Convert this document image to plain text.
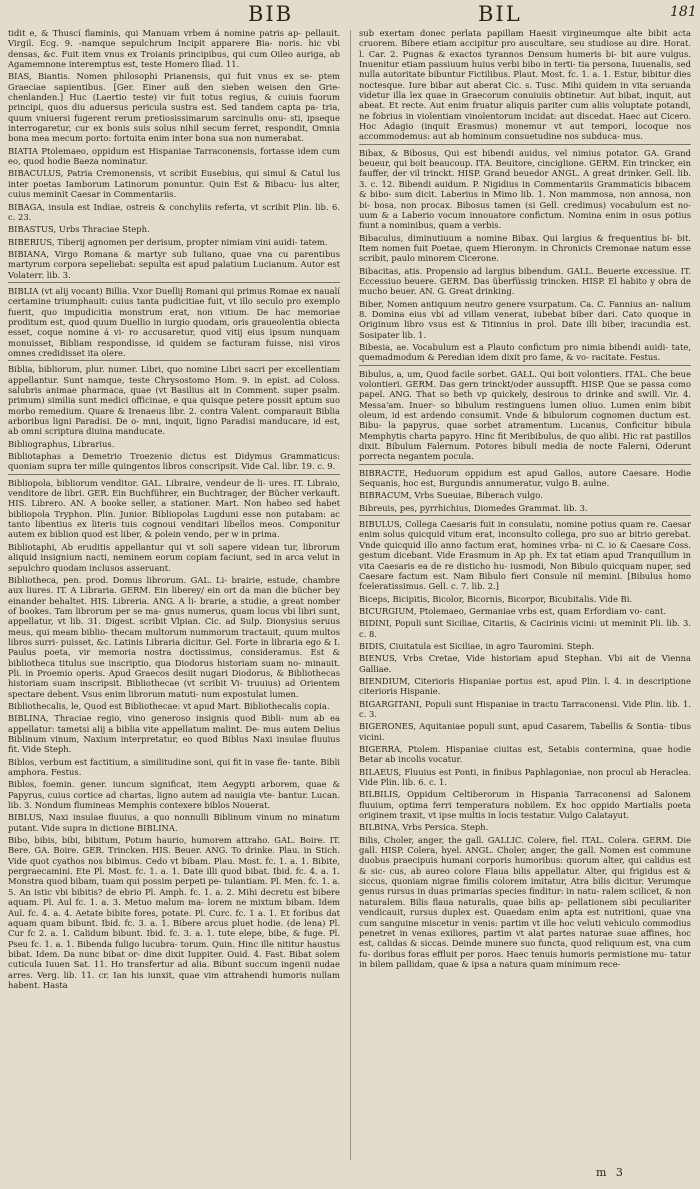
BIB	BIL	181

tidit e, & Thuscí flaminis, qui Manuam vrbem á nomine patris ap- pellauit. Virgil. Ecg. 9. -namque sepulchrum Incipit apparere Bia- noris. hic vbi densas, &c. Fuit item vnus ex Troianis principibus, qui cum Oileo auriga, ab Agamemnone interemptus est, teste Homero Iliad. 11.

BIAS, Biantis. Nomen philosophi Prianensis, qui fuit vnus ex se- ptem Graeciae sapientibus. [Ger. Einer auß den sieben weisen den Grie- chenlanden.] Huc (Laertio teste) vir fuit totus regius, & cuiuis fuorum principi, quos diu aduersus pericula sustra est. Sed tandem capta pa- tria, quum vniuersi fugerent rerum pretiosissimarum sarcinulis onu- sti, ipseque interrogaretur, cur ex bonis suis solus nihil secum ferret, respondit, Omnia bona mea mecum porto: fortuita enim inter bona sua non numerabat.

BIATIA Ptolemaeo, oppidum est Hispaniae Tarraconensis, fortasse idem cum eo, quod hodie Baeza nominatur.

BIBACULUS, Patria Cremonensis, vt scribit Eusebius, qui simul & Catul lus inter poetas Iamborum Latinorum ponuntur. Quin Est & Bibacu- lus alter, cuius meminit Caesar in Commentariis.

BIBAGA, insula est Indiae, ostreis & conchyliis referta, vt scribit Plin. lib. 6. c. 23.

BIBASTUS, Urbs Thraciae Steph.

BIBERIUS, Tiberij agnomen per derisum, propter nimiam vini auidi- tatem.

BIBIANA, Virgo Romana & martyr sub Iuliano, quae vna cu parentibus martyrum corpora sepeliebat: sepulta est apud palatium Lucianum. Autor est Volaterr. lib. 3.

BIBLIA (vt alij vocant) Billia. Vxor Duellij Romani qui primus Romae ex naualí certamine triumphauit: cuius tanta pudicitiae fuit, vt illo seculo pro exemplo fuerit, quo impudicitia monstrum erat, non vitium. De hac memoriae proditum est, quod quum Duellio in iurgio quodam, oris graueolentia obiecta esset, coque nomine á vi- ro accusaretur, quod vitij eius ipsum nunquam monuisset, Bibliam respondisse, id quidem se facturam fuisse, nisi viros omnes credidisset ita olere.

Biblia, bibliorum, plur. numer. Libri, quo nomine Libri sacri per excellentiam appellantur. Sunt namque, teste Chrysostomo Hom. 9. in epist. ad Coloss. salubris animae pharmaca, quae (vt Basilius ait in Comment. super psalm. primum) similia sunt medici officinae, e qua quisque petere possit aptum suo morbo remedium. Quare & Irenaeus libr. 2. contra Valent. comparauit Biblia arboribus ligni Paradisi. De o- mni, inquit, ligno Paradisi manducare, id est, ab omni scriptura diuina manducate.

Bibliographus, Librarius.

Bibliotaphas a Demetrio Troezenio dictus est Didymus Grammaticus: quoniam supra ter mille quingentos libros conscripsit. Vide Cal. libr. 19. c. 9.

Bibliopola, bibliorum venditor. GAL. Libraire, vendeur de li- ures. IT. Libraio, venditore de libri. GER. Ein Buchführer, ein Buchtrager, der Bücher verkauft. HIS. Librero. AN. A booke seller, a stationer. Mart. Non habeo sed habet bibliopola Tryphon. Plin. Junior. Bibliopolas Lugduni esse non putabam: ac tanto libentius ex literis tuis cognoui venditari libellos meos. Componitur autem ex biblion quod est liber, & polein vendo, per w in prima.

Bibliotaphi, Ab eruditis appellantur qui vt soli sapere videan tur, librorum aliquid insignium nacti, neminem eorum copiam faciunt, sed in arca velut in sepulchro quodam inclusos asseruant.

Bibliotheca, pen. prod. Domus librorum. GAL. Li- brairie, estude, chambre aux liures. IT. A Libraria. GERM. Ein liberey/ ein ort da man die bücher bey einander behaltet. HIS. Libreria. ANG. A li- brarie, a studie, a great nomber of bookes. Tam librorum per se ma- gnus numerus, quam locus vbi libri sunt, appellatur, vt lib. 31. Digest. scribit Vlpian. Cic. ad Sulp. Dionysius seruus meus, qui meam biblio- thecam multorum nummorum tractauit, quum multos libros surri- puisset, &c. Latinis Libraria dicitur. Gel. Forte in libraria ego & I. Paulus poeta, vir memoria nostra doctissimus, consideramus. Est & bibliotheca titulus sue inscriptio, qua Diodorus historiam suam no- minauit. Pli. in Proemio operis. Apud Graecos desiit nugari Diodorus, & Bibliothecas historiam suam inscripsit. Bibliothecae (vt scribit Vi- truuius) ad Orientem spectare debent. Vsus enim librorum matuti- num expostulat lumen.

Bibliothecalis, le, Quod est Bibliothecae: vt apud Mart. Bibliothecalis copia.

BIBLINA, Thraciae regio, vino generoso insignis quod Bibli- num ab ea appellatur: tametsi alij a biblia vite appellatum malint. De- mus autem Delius Biblinum vinum, Naxium interpretatur, eo quod Biblus Naxi insulae fluuius fit. Vide Steph.

Biblos, verbum est factitium, a similitudine soni, qui fit in vase fle- tante. Bibli amphora. Festus.

Biblos, foemin. gener. iuncum significat, item Aegypti arborem, quae & Papyrus, cuius cortice ad chartas, ligno autem ad nauigia vte- bantur. Lucan. lib. 3. Nondum flumineas Memphis contexere biblos Nouerat.

BIBLUS, Naxi insulae fluuius, a quo nonnulli Biblinum vinum no minatum putant. Vide supra in dictione BIBLINA.

Bibo, bibis, bibi, bibitum, Potum haurio, humorem attraho. GAL. Boire. IT. Bere. GA. Boire. GER. Trincken. HIS. Beuer. ANG. To drinke. Plau. in Stich. Vide quot cyathos nos bibimus. Cedo vt bibam. Plau. Most. fc. 1. a. 1. Bibite, pergraecamini. Ete Pl. Most. fc. 1. a. 1. Date illi quod bibat. Ibid. fc. 4. a. 1. Monstra quod bibam, tuam qui possim perpeti pe- tulantiam. Pl. Men. fc. 1. a. 5. An istic vbi bibitis? de ebrio Pl. Amph. fc. 1. a. 2. Mihi decretu est bibere aquam. Pl. Aul fc. 1. a. 3. Metuo malum ma- lorem ne mixtum bibam. Idem Aul. fc. 4. a. 4. Aetate bibite fores, potate. Pl. Curc. fc. 1 a. 1. Et foribus dat aquam quam bibunt. Ibid. fc. 3. a. 1. Bibere arcus pluet hodie. (de lena) Pl. Cur fc 2. a. 1. Calidum bibunt. Ibid. fc. 3. a. 1. tute elepe, bibe, & fuge. Pl. Pseu fc. 1. a. 1. Bibenda fuligo lucubra- torum. Quin. Hinc ille nititur haustus bibat. Idem. Da nunc bibat or- dine dixit Iuppiter. Ouid. 4. Fast. Bibat solem cuticula Iuuen Sat. 11. Ho transfertur ad alia. Bibunt succum ingenii nudae arres. Verg. lib. 11. cr. Ian his iunxit, quae vim attrahendi humoris nullam habent. Hasta

sub exertam donec perlata papillam Haesit virgineumque alte bibit acta cruorem. Bibere etiam accipitur pro auscultare, seu studiose au dire. Horat. l. Car. 2. Pugnas & exactos tyrannos Densum humeris bi- bit aure vulgus. Inuenitur etiam passiuum huius verbi bibo in terti- tia persona, Iuuenalis, sed nulla autoritate bibuntur Fictilibus. Plaut. Most. fc. 1. a. 1. Estur, bibitur dies noctesque. Iure bibar aut aberat Cic. s. Tusc. Mihi quidem in vita seruanda videtur illa lex quae in Graecorum conuiuiis obtinetur. Aut bibat, inquit, aut abeat. Et recte. Aut enim fruatur aliquis pariter cum aliis voluptate potandi, ne fobrius in violentiam vinolentorum incidat: aut discedat. Haec aut Cicero. Hoc Adagio (inquit Erasmus) monemur vt aut tempori, locoque nos accommodemus: aut ab hominum consuetudine nos subduca- mus.

Bibax, & Bibosus, Qui est bibendi auidus, vel nimius potator. GA. Grand beueur, qui boit beaucoup. ITA. Beuitore, cinciglione. GERM. Ein trincker, ein fauffer, der vil trinckt. HISP. Grand beuedor ANGL. A great drinker. Gell. lib. 3. c. 12. Bibendi auidum. P. Nigidius in Commentariis Grammaticis bibacem & bibo- sum dicit. Laberius in Mimo lib. 1. Non mammosa, non annosa, non bi- bosa, non procax. Bibosus tamen (si Gell. credimus) vocabulum est no- uum & a Laberio vocum innouatore confictum. Nomina enim in osus potius fiunt a nominibus, quam a verbis.

Bibaculus, diminutiuum a nomine Bibax. Qui largius & frequentius bi- bit. Item nomen fuit Poetae, quem Hieronym. in Chronicis Cremonae natum esse scribit, paulo minorem Cicerone.

Bibacitas, atis. Propensio ad largius bibendum. GALL. Beuerie excessiue. IT. Eccessiuo beuere. GERM. Das überfüssig trincken. HISP. El habito y obra de mucho beuer. AN. G. Great drinking.

Biber, Nomen antiquum neutro genere vsurpatum. Ca. C. Fannius an- nalium 8. Domina eius vbi ad villam venerat, iubebat biber dari. Cato quoque in Originum libro vsus est & Titinnius in prol. Date illi biber, iracundia est. Sosipater lib. 1.

Bibesia, ae. Vocabulum est a Plauto confictum pro nimia bibendi auidi- tate, quemadmodum & Peredian idem dixit pro fame, & vo- racitate. Festus.

Bibulus, a, um, Quod facile sorbet. GALL. Qui boit volontiers. ITAL. Che beue volontieri. GERM. Das gern trinckt/oder aussupfft. HISP. Que se passa como papel. ANG. That so beth vp quickely, desirous to drinke and swill. Vir. 4. Messa'am. Inuer- so bibulum restinguens lumen oliuo. Lumen enim bibit oleum, id est ardendo consumit. Vnde & bibulorum cognomen ductum est. Bibu- la papyrus, quae sorbet atramentum. Lucanus, Conficitur bibula Memphytis charta papyro. Hinc fit Meribibulus, de quo alibi. Hic rat pastillos dixit. Bibulum Falernum. Potores bibuli media de nocte Falerni, Oderunt porrecta negantem pocula.

BIBRACTE, Heduorum oppidum est apud Gallos, autore Caesare. Hodie Sequanis, hoc est, Burgundis annumeratur, vulgo B. aulne.

BIBRACUM, Vrbs Sueuiae, Biberach vulgo.

Bibreuis, pes, pyrrhichius, Diomedes Grammat. lib. 3.

BIBULUS, Collega Caesaris fuit in consulatu, nomine potius quam re. Caesar enim solus quicquid vitum erat, inconsulto collega, pro suo ar bitrio gerebat. Vnde quicquid illo anno factum erat, homines vrba- ni C. io & Caesare Coss. gestum dicebant. Vide Erasmum in Ap ph. Ex tat etiam apud Tranquillum in vita Caesaris ea de re disticho hu- iusmodi, Non Bibulo quicquam nuper, sed Caesare factum est. Nam Bibulo fieri Consule nil memini. [Bibulus homo fceleratissimus. Gell. c. 7. lib. 2.]

Biceps, Bicipitis, Bicolor, Bicornis, Bicorpor, Bicubitalis. Vide Bi.

BICURGIUM, Ptolemaeo, Germaniae vrbs est, quam Erfordiam vo- cant.

BIDINI, Populi sunt Siciliae, Citariis, & Cacirinis vicini: ut meminit Pli. lib. 3. c. 8.

BIDIS, Ciuitatula est Siciliae, in agro Tauromini. Steph.

BIENUS, Vrbs Cretae, Vide historiam apud Stephan. Vbi ait de Vienna Galliae.

BIENDIUM, Citerioris Hispaniae portus est, apud Plin. l. 4. in descriptione citerioris Hispanie.

BIGARGITANI, Populi sunt Hispaniae in tractu Tarraconensi. Vide Plin. lib. 1. c. 3.

BIGERONES, Aquitaniae populi sunt, apud Casarem, Tabellis & Sontia- tibus vicini.

BIGERRA, Ptolem. Hispaniae ciuitas est, Setabis contermina, quae hodie Betar ab incolis vocatur.

BILAEUS, Fluuius est Ponti, in finibus Paphlagoniae, non procul ab Heraclea. Vide Plin. lib. 6. c. 1.

BILBILIS, Oppidum Celtiberorum in Hispania Tarraconensi ad Salonem fluuium, optima ferri temperatura nobilem. Ex hoc oppido Martialis poeta originem traxit, vt ipse multis in locis testatur. Vulgo Calatayut.

BILBINA, Vrbs Persica. Steph.

Bilis, Choler, anger, the gall. GALLIC. Colere, fiel. ITAL. Colera. GERM. Die gall. HISP. Colera, hyel. ANGL. Choler, anger, the gall. Nomen est commune duobus praecipuis humani corporis humoribus: quorum alter, qui calidus est & sic- cus, ab aureo colore Flaua bilis appellatur. Alter, qui frigidus est & siccus, quoniam nigrae fimilis colorem imitatur, Atra bilis dicitur. Verumque genus rursus in duas primarias species finditur: in natu- ralem scilicet, & non naturalem. Bilis flaua naturalis, quae bilis ap- pellationem sibi peculiariter vendicauit, rursus duplex est. Quaedam enim apta est nutritioni, quae vna cum sanguine miscetur in venis: partim vt ille hoc veluti vehiculo commodius penetret in venas exiliores, partim vt alat partes naturae suae affines, hoc est, calidas & siccas. Deinde munere suo functa, quod reliquum est, vna cum fu- doribus foras effluit per poros. Haec tenuis humoris permistione mu- tatur in bilem pallidam, quae & ipsa a natura quam minimum rece-

m 3
